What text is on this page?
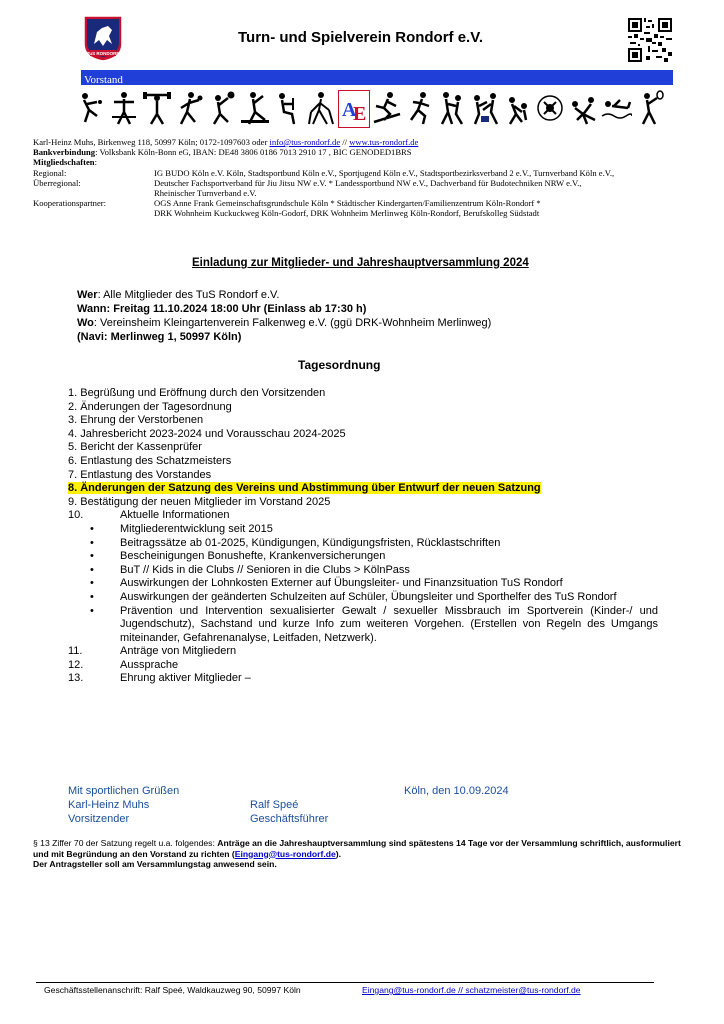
TuS RONDORF
Turn- und Spielverein Rondorf e.V.
Vorstand
A
E
Karl-Heinz Muhs, Birkenweg 118, 50997 Köln; 0172-1097603 oder info@tus-rondorf.de // www.tus-rondorf.de
Bankverbindung: Volksbank Köln-Bonn eG, IBAN: DE48 3806 0186 7013 2910 17 , BIC GENODED1BRS
Mitgliedschaften:
Regional:	IG BUDO Köln e.V. Köln, Stadtsportbund Köln e.V., Sportjugend Köln e.V., Stadtsportbezirksverband 2 e.V., Turnverband Köln e.V.,
Überregional:	Deutscher Fachsportverband für Jiu Jitsu NW e.V. * Landessportbund NW e.V., Dachverband für Budotechniken NRW e.V.,
Rheinischer Turnverband e.V.
Kooperationspartner:	OGS Anne Frank Gemeinschaftsgrundschule Köln * Städtischer Kindergarten/Familienzentrum Köln-Rondorf *
DRK Wohnheim Kuckuckweg Köln-Godorf, DRK Wohnheim Merlinweg Köln-Rondorf, Berufskolleg Südstadt
Einladung zur Mitglieder- und Jahreshauptversammlung 2024
Wer: Alle Mitglieder des TuS Rondorf e.V.
Wann: Freitag 11.10.2024 18:00 Uhr (Einlass ab 17:30 h)
Wo: Vereinsheim Kleingartenverein Falkenweg e.V. (ggü DRK-Wohnheim Merlinweg)
(Navi: Merlinweg 1, 50997 Köln)
Tagesordnung
1. Begrüßung und Eröffnung durch den Vorsitzenden
2. Änderungen der Tagesordnung
3. Ehrung der Verstorbenen
4. Jahresbericht 2023-2024 und Vorausschau 2024-2025
5. Bericht der Kassenprüfer
6. Entlastung des Schatzmeisters
7. Entlastung des Vorstandes
8. Änderungen der Satzung des Vereins und Abstimmung über Entwurf der neuen Satzung
9. Bestätigung der neuen Mitglieder im Vorstand 2025
10.	Aktuelle Informationen
•	Mitgliederentwicklung seit 2015
•	Beitragssätze ab 01-2025, Kündigungen, Kündigungsfristen, Rücklastschriften
•	Bescheinigungen Bonushefte, Krankenversicherungen
•	BuT // Kids in die Clubs // Senioren in die Clubs > KölnPass
•	Auswirkungen der Lohnkosten Externer auf Übungsleiter- und Finanzsituation TuS Rondorf
•	Auswirkungen der geänderten Schulzeiten auf Schüler, Übungsleiter und Sporthelfer des TuS Rondorf
•	Prävention und Intervention sexualisierter Gewalt / sexueller Missbrauch im Sportverein (Kinder-/ und Jugendschutz), Sachstand und kurze Info zum weiteren Vorgehen. (Erstellen von Regeln des Umgangs miteinander, Gefahrenanalyse, Leitfaden, Netzwerk).
11.	Anträge von Mitgliedern
12.	Aussprache
13.	Ehrung aktiver Mitglieder –
Mit sportlichen Grüßen	Köln, den 10.09.2024
Karl-Heinz Muhs	Ralf Speé
Vorsitzender	Geschäftsführer
§ 13 Ziffer 70 der Satzung regelt u.a. folgendes: Anträge an die Jahreshauptversammlung sind spätestens 14 Tage vor der Versammlung schriftlich, ausformuliert und mit Begründung an den Vorstand zu richten (Eingang@tus-rondorf.de).
Der Antragsteller soll am Versammlungstag anwesend sein.
Geschäftsstellenanschrift: Ralf Speé, Waldkauzweg 90, 50997 Köln	Eingang@tus-rondorf.de // schatzmeister@tus-rondorf.de
